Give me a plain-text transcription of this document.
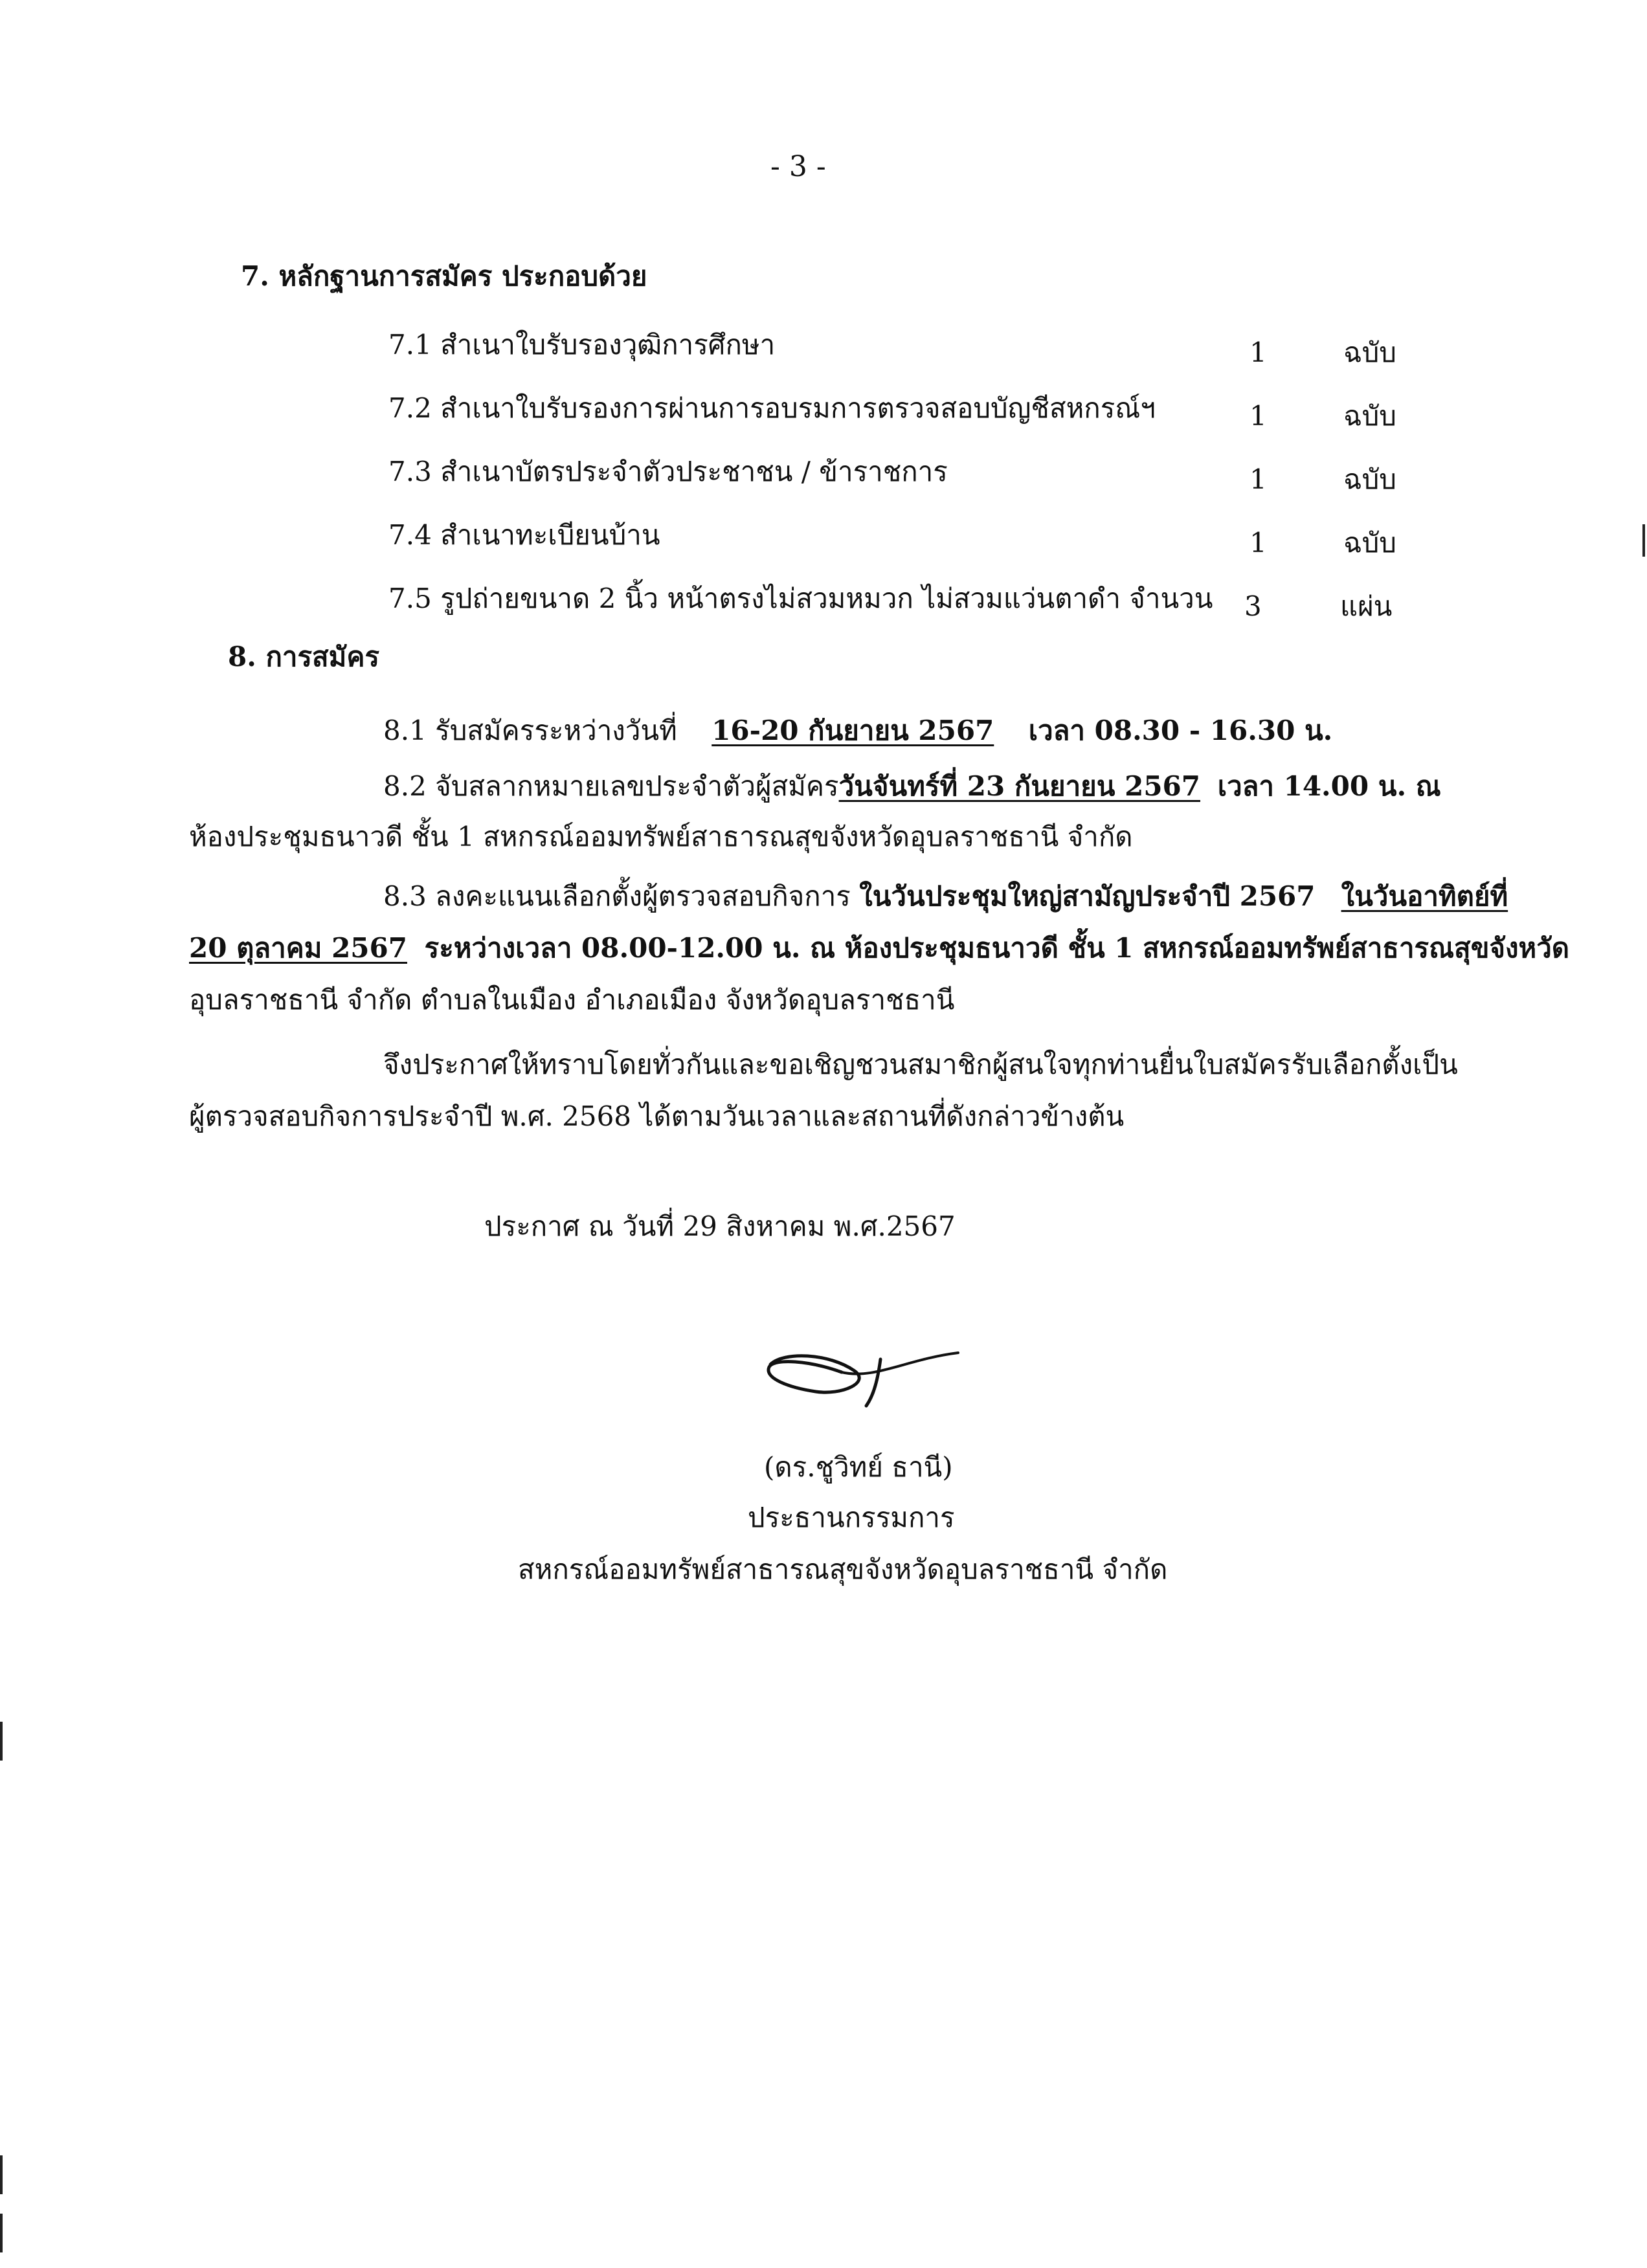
- 3 -
7. หลักฐานการสมัคร ประกอบด้วย
7.1 สำเนาใบรับรองวุฒิการศึกษา	1	ฉบับ
7.2 สำเนาใบรับรองการผ่านการอบรมการตรวจสอบบัญชีสหกรณ์ฯ	1	ฉบับ
7.3 สำเนาบัตรประจำตัวประชาชน / ข้าราชการ	1	ฉบับ
7.4 สำเนาทะเบียนบ้าน	1	ฉบับ
7.5 รูปถ่ายขนาด 2 นิ้ว หน้าตรงไม่สวมหมวก ไม่สวมแว่นตาดำ จำนวน 3	แผ่น
8. การสมัคร
8.1 รับสมัครระหว่างวันที่ 16-20 กันยายน 2567 เวลา 08.30 - 16.30 น.
8.2 จับสลากหมายเลขประจำตัวผู้สมัครวันจันทร์ที่ 23 กันยายน 2567 เวลา 14.00 น. ณ
ห้องประชุมธนาวดี ชั้น 1 สหกรณ์ออมทรัพย์สาธารณสุขจังหวัดอุบลราชธานี จำกัด
8.3 ลงคะแนนเลือกตั้งผู้ตรวจสอบกิจการ ในวันประชุมใหญ่สามัญประจำปี 2567 ในวันอาทิตย์ที่
20 ตุลาคม 2567 ระหว่างเวลา 08.00-12.00 น. ณ ห้องประชุมธนาวดี ชั้น 1 สหกรณ์ออมทรัพย์สาธารณสุขจังหวัด
อุบลราชธานี จำกัด ตำบลในเมือง อำเภอเมือง จังหวัดอุบลราชธานี
จึงประกาศให้ทราบโดยทั่วกันและขอเชิญชวนสมาชิกผู้สนใจทุกท่านยื่นใบสมัครรับเลือกตั้งเป็น
ผู้ตรวจสอบกิจการประจำปี พ.ศ. 2568 ได้ตามวันเวลาและสถานที่ดังกล่าวข้างต้น
ประกาศ ณ วันที่ 29 สิงหาคม พ.ศ.2567
(ดร.ชูวิทย์ ธานี)
ประธานกรรมการ
สหกรณ์ออมทรัพย์สาธารณสุขจังหวัดอุบลราชธานี จำกัด
